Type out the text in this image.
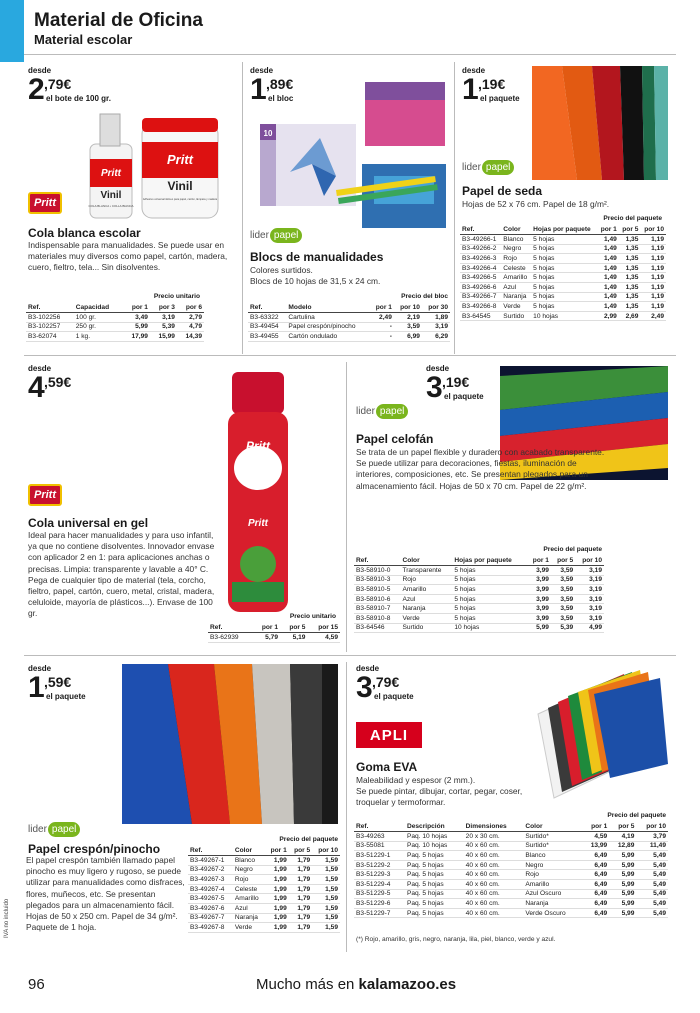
Material de Oficina
Material escolar
desde
2 ,79€
el bote de 100 gr.
Pritt
Pritt
Vinil
COLA BLANCA • COLLA BIANCA
Pritt
Vinil
Adhesivo universal idóneo para papel, cartón, lámpara y madera
Cola blanca escolar
Indispensable para manualidades. Se puede usar en materiales muy diversos como papel, cartón, madera, cuero, fieltro, tela... Sin disolventes.
Precio unitario
Ref.	Capacidad	por 1	por 3	por 6
B3-102256	100 gr.	3,49	3,19	2,79
B3-102257	250 gr.	5,99	5,39	4,79
B3-62074	1 kg.	17,99	15,99	14,39
desde
1 ,89€
el bloc
10
lider papel
Blocs de manualidades
Colores surtidos.
Blocs de 10 hojas de 31,5 x 24 cm.
Precio del bloc
Ref.	Modelo	por 1	por 10	por 30
B3-63322	Cartulina	2,49	2,19	1,89
B3-49454	Papel crespón/pinocho	-	3,59	3,19
B3-49455	Cartón ondulado	-	6,99	6,29
desde
1 ,19€
el paquete
lider papel
Papel de seda
Hojas de 52 x 76 cm. Papel de 18 g/m².
Precio del paquete
Ref.	Color	Hojas por paquete	por 1	por 5	por 10
B3-49266-1	Blanco	5 hojas	1,49	1,35	1,19
B3-49266-2	Negro	5 hojas	1,49	1,35	1,19
B3-49266-3	Rojo	5 hojas	1,49	1,35	1,19
B3-49266-4	Celeste	5 hojas	1,49	1,35	1,19
B3-49266-5	Amarillo	5 hojas	1,49	1,35	1,19
B3-49266-6	Azul	5 hojas	1,49	1,35	1,19
B3-49266-7	Naranja	5 hojas	1,49	1,35	1,19
B3-49266-8	Verde	5 hojas	1,49	1,35	1,19
B3-64545	Surtido	10 hojas	2,99	2,69	2,49
desde
4 ,59€
Pritt
Pritt
Pritt
Cola universal en gel
Ideal para hacer manualidades y para uso infantil, ya que no contiene disolventes. Innovador envase con aplicador 2 en 1: para aplicaciones anchas o precisas. Limpia: transparente y lavable a 40° C. Pega de cualquier tipo de material (tela, corcho, fieltro, papel, cartón, cuero, metal, cristal, madera, celuloide, mayoría de plásticos...). Envase de 100 gr.	Precio unitario
Ref.	por 1	por 5	por 15
B3-62939	5,79	5,19	4,59
desde
3 ,19€
el paquete
lider papel
Papel celofán
Se trata de un papel flexible y duradero con acabado transparente. Se puede utilizar para decoraciones, fiestas, iluminación de interiores, composiciones, etc. Se presentan plegados para un almacenamiento fácil. Hojas de 50 x 70 cm. Papel de 22 g/m².
Precio del paquete
Ref.	Color	Hojas por paquete	por 1	por 5	por 10
B3-58910-0	Transparente	5 hojas	3,99	3,59	3,19
B3-58910-3	Rojo	5 hojas	3,99	3,59	3,19
B3-58910-5	Amarillo	5 hojas	3,99	3,59	3,19
B3-58910-6	Azul	5 hojas	3,99	3,59	3,19
B3-58910-7	Naranja	5 hojas	3,99	3,59	3,19
B3-58910-8	Verde	5 hojas	3,99	3,59	3,19
B3-64546	Surtido	10 hojas	5,99	5,39	4,99
desde
1 ,59€
el paquete
lider papel
Papel crespón/pinocho
El papel crespón también llamado papel pinocho es muy ligero y rugoso, se puede utilizar para manualidades como disfraces, flores, muñecos, etc. Se presentan plegados para un almacenamiento fácil. Hojas de 50 x 250 cm. Papel de 34 g/m². Paquete de 1 hoja.
Precio del paquete
Ref.	Color	por 1	por 5	por 10
B3-49267-1	Blanco	1,99	1,79	1,59
B3-49267-2	Negro	1,99	1,79	1,59
B3-49267-3	Rojo	1,99	1,79	1,59
B3-49267-4	Celeste	1,99	1,79	1,59
B3-49267-5	Amarillo	1,99	1,79	1,59
B3-49267-6	Azul	1,99	1,79	1,59
B3-49267-7	Naranja	1,99	1,79	1,59
B3-49267-8	Verde	1,99	1,79	1,59
desde
3 ,79€
el paquete
APLI
Goma EVA
Maleabilidad y espesor (2 mm.).
Se puede pintar, dibujar, cortar, pegar, coser, troquelar y termoformar.
Precio del paquete
Ref.	Descripción	Dimensiones	Color	por 1	por 5	por 10
B3-49263	Paq. 10 hojas	20 x 30 cm.	Surtido*	4,59	4,19	3,79
B3-55081	Paq. 10 hojas	40 x 60 cm.	Surtido*	13,99	12,89	11,49
B3-51229-1	Paq. 5 hojas	40 x 60 cm.	Blanco	6,49	5,99	5,49
B3-51229-2	Paq. 5 hojas	40 x 60 cm.	Negro	6,49	5,99	5,49
B3-51229-3	Paq. 5 hojas	40 x 60 cm.	Rojo	6,49	5,99	5,49
B3-51229-4	Paq. 5 hojas	40 x 60 cm.	Amarillo	6,49	5,99	5,49
B3-51229-5	Paq. 5 hojas	40 x 60 cm.	Azul Oscuro	6,49	5,99	5,49
B3-51229-6	Paq. 5 hojas	40 x 60 cm.	Naranja	6,49	5,99	5,49
B3-51229-7	Paq. 5 hojas	40 x 60 cm.	Verde Oscuro	6,49	5,99	5,49
(*) Rojo, amarillo, gris, negro, naranja, lila, piel, blanco, verde y azul.
IVA no incluido
96	Mucho más en kalamazoo.es
